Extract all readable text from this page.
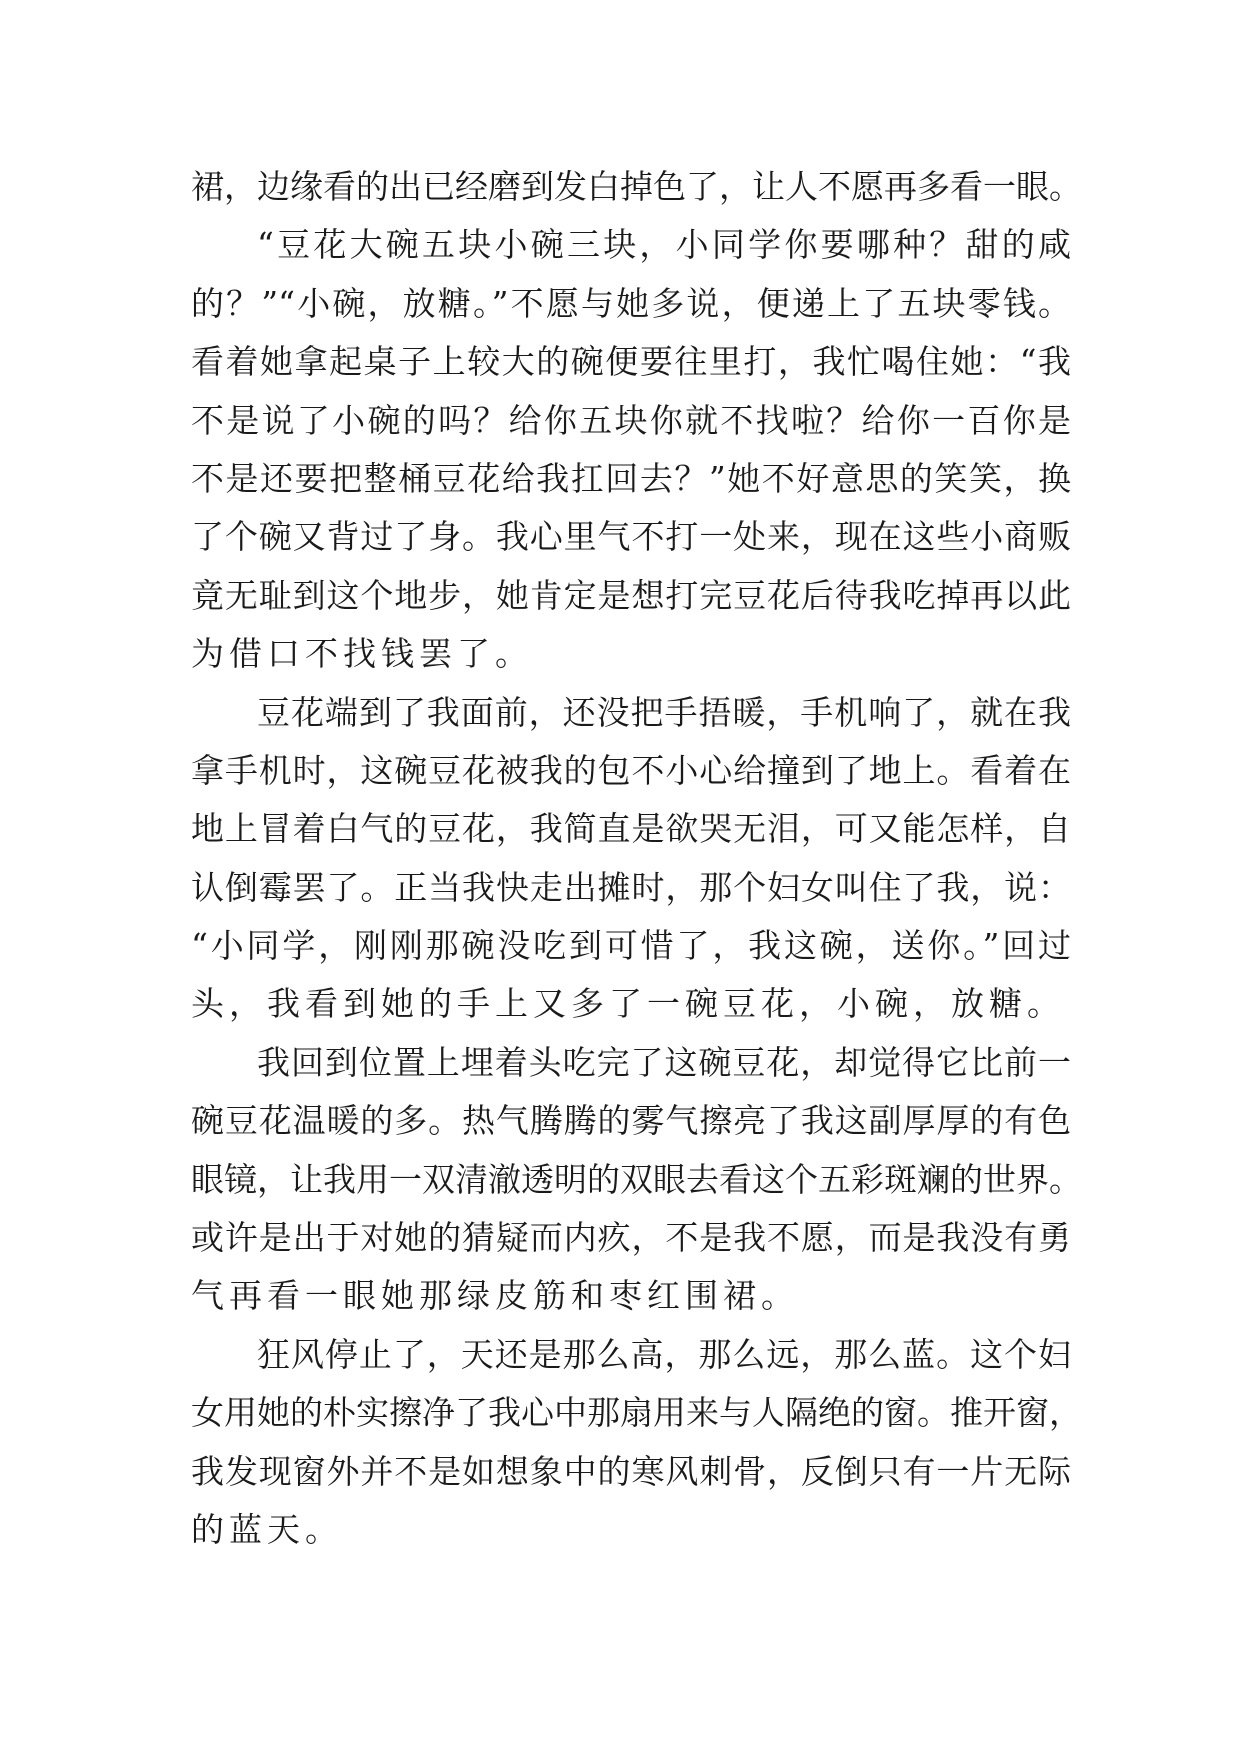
裙，边缘看的出已经磨到发白掉色了，让人不愿再多看一眼。
“豆花大碗五块小碗三块，小同学你要哪种？甜的咸
的？”“小碗，放糖。”不愿与她多说，便递上了五块零钱。
看着她拿起桌子上较大的碗便要往里打，我忙喝住她：“我
不是说了小碗的吗？给你五块你就不找啦？给你一百你是
不是还要把整桶豆花给我扛回去？”她不好意思的笑笑，换
了个碗又背过了身。我心里气不打一处来，现在这些小商贩
竟无耻到这个地步，她肯定是想打完豆花后待我吃掉再以此
为借口不找钱罢了。
豆花端到了我面前，还没把手捂暖，手机响了，就在我
拿手机时，这碗豆花被我的包不小心给撞到了地上。看着在
地上冒着白气的豆花，我简直是欲哭无泪，可又能怎样，自
认倒霉罢了。正当我快走出摊时，那个妇女叫住了我，说：
“小同学，刚刚那碗没吃到可惜了，我这碗，送你。”回过
头，我看到她的手上又多了一碗豆花，小碗，放糖。
我回到位置上埋着头吃完了这碗豆花，却觉得它比前一
碗豆花温暖的多。热气腾腾的雾气擦亮了我这副厚厚的有色
眼镜，让我用一双清澈透明的双眼去看这个五彩斑斓的世界。
或许是出于对她的猜疑而内疚，不是我不愿，而是我没有勇
气再看一眼她那绿皮筋和枣红围裙。
狂风停止了，天还是那么高，那么远，那么蓝。这个妇
女用她的朴实擦净了我心中那扇用来与人隔绝的窗。推开窗，
我发现窗外并不是如想象中的寒风刺骨，反倒只有一片无际
的蓝天。
